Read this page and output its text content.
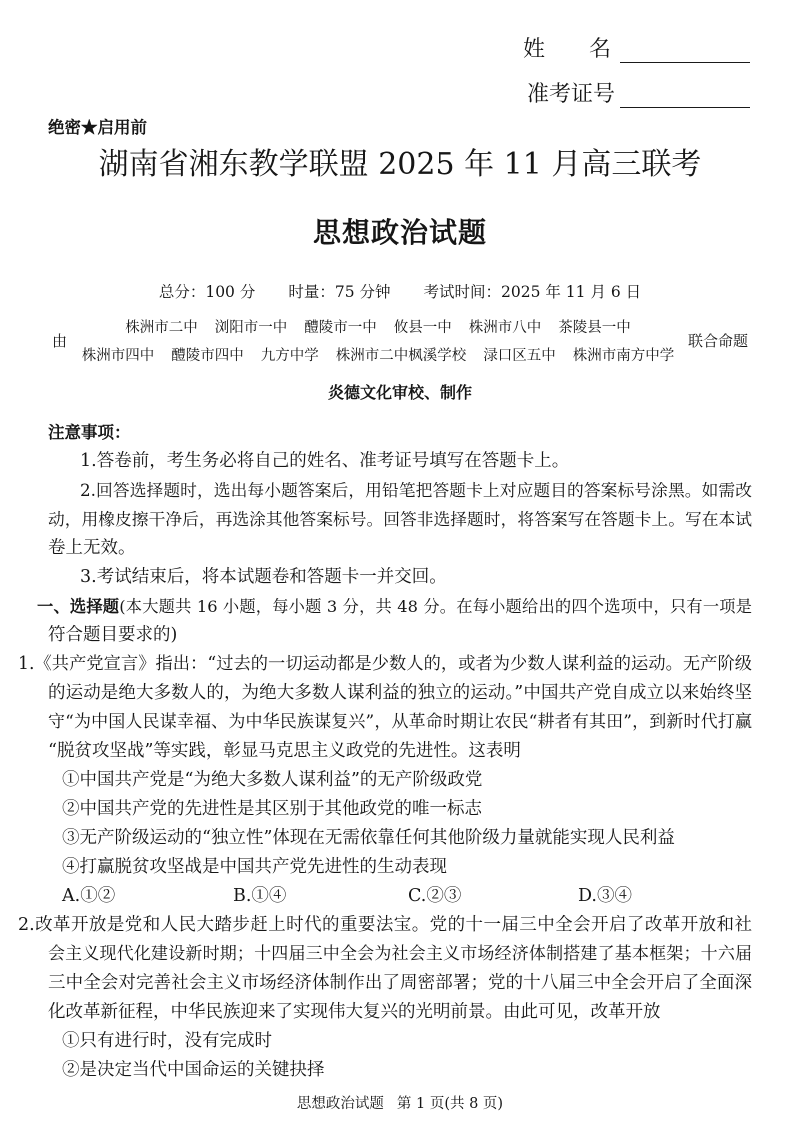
姓　　名
准考证号
绝密★启用前
湖南省湘东教学联盟 2025 年 11 月高三联考
思想政治试题
总分：100 分 时量：75 分钟 考试时间：2025 年 11 月 6 日
由
株洲市二中 浏阳市一中 醴陵市一中 攸县一中 株洲市八中 茶陵县一中
株洲市四中 醴陵市四中 九方中学 株洲市二中枫溪学校 渌口区五中 株洲市南方中学
联合命题
炎德文化审校、制作
注意事项：
1.答卷前，考生务必将自己的姓名、准考证号填写在答题卡上。
2.回答选择题时，选出每小题答案后，用铅笔把答题卡上对应题目的答案标号涂黑。如需改
动，用橡皮擦干净后，再选涂其他答案标号。回答非选择题时，将答案写在答题卡上。写在本试
卷上无效。
3.考试结束后，将本试题卷和答题卡一并交回。
一、选择题(本大题共 16 小题，每小题 3 分，共 48 分。在每小题给出的四个选项中，只有一项是
符合题目要求的)
1.《共产党宣言》指出：“过去的一切运动都是少数人的，或者为少数人谋利益的运动。无产阶级
的运动是绝大多数人的，为绝大多数人谋利益的独立的运动。”中国共产党自成立以来始终坚
守“为中国人民谋幸福、为中华民族谋复兴”，从革命时期让农民“耕者有其田”，到新时代打赢
“脱贫攻坚战”等实践，彰显马克思主义政党的先进性。这表明
①中国共产党是“为绝大多数人谋利益”的无产阶级政党
②中国共产党的先进性是其区别于其他政党的唯一标志
③无产阶级运动的“独立性”体现在无需依靠任何其他阶级力量就能实现人民利益
④打赢脱贫攻坚战是中国共产党先进性的生动表现
A.①②	B.①④	C.②③	D.③④
2.改革开放是党和人民大踏步赶上时代的重要法宝。党的十一届三中全会开启了改革开放和社
会主义现代化建设新时期；十四届三中全会为社会主义市场经济体制搭建了基本框架；十六届
三中全会对完善社会主义市场经济体制作出了周密部署；党的十八届三中全会开启了全面深
化改革新征程，中华民族迎来了实现伟大复兴的光明前景。由此可见，改革开放
①只有进行时，没有完成时
②是决定当代中国命运的关键抉择
思想政治试题 第 1 页(共 8 页)
